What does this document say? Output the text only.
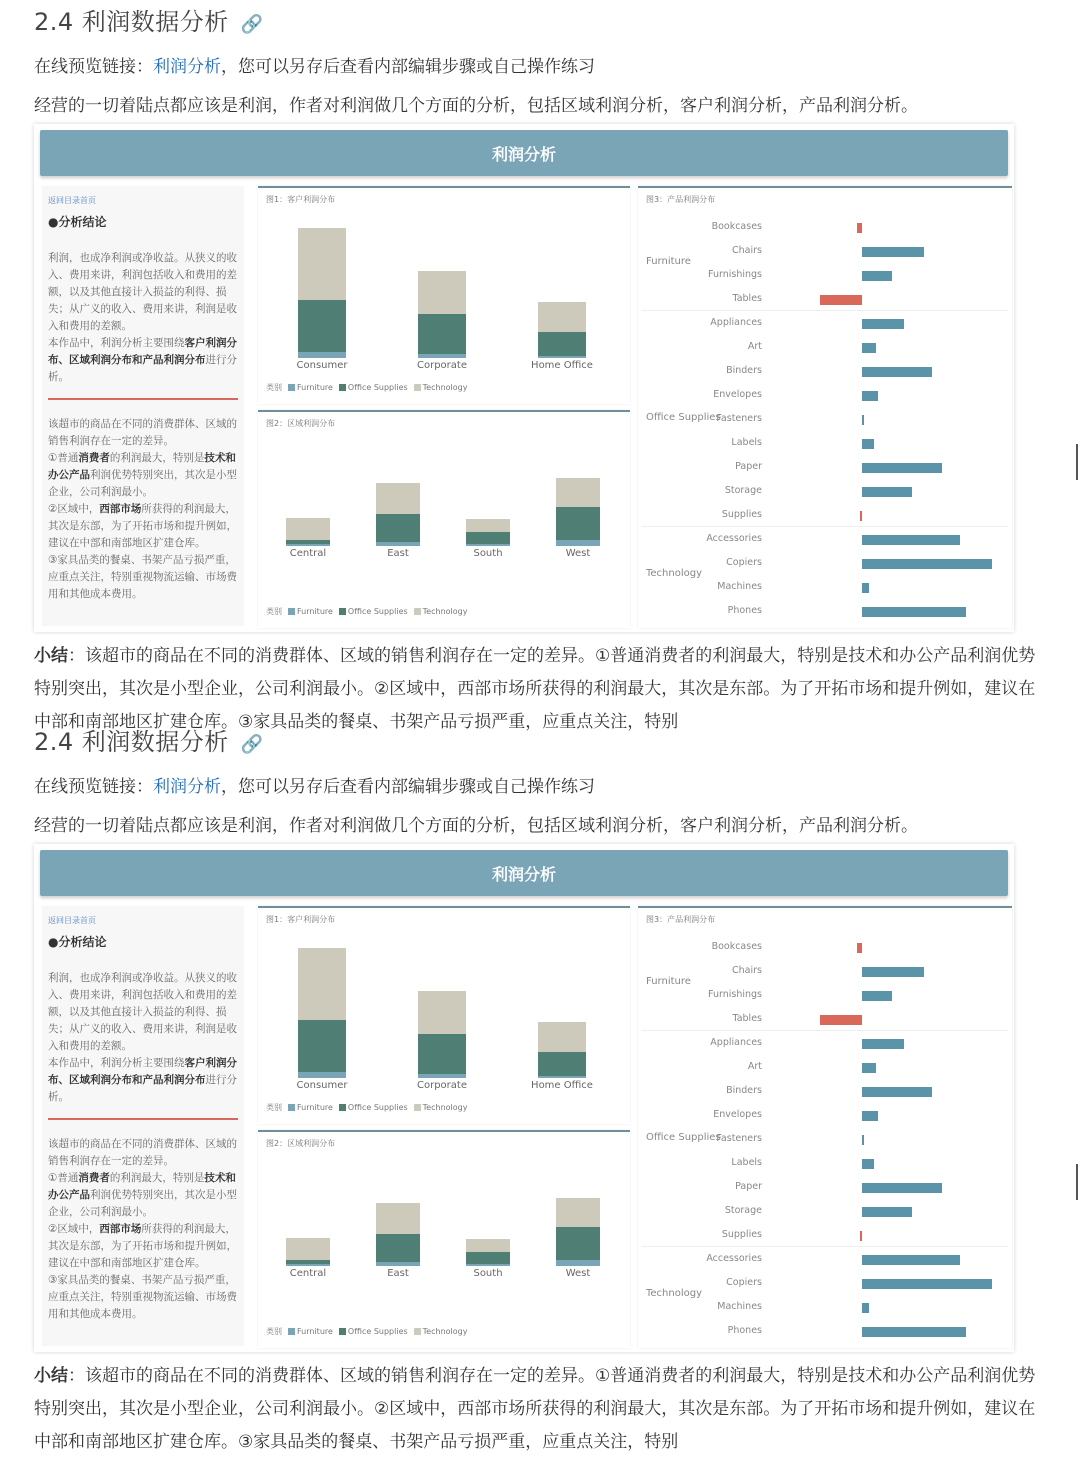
2.4 利润数据分析 🔗
在线预览链接：利润分析，您可以另存后查看内部编辑步骤或自己操作练习
经营的一切着陆点都应该是利润，作者对利润做几个方面的分析，包括区域利润分析，客户利润分析，产品利润分析。
利润分析
返回目录首页
●分析结论
利润，也成净利润或净收益。从狭义的收入、费用来讲，利润包括收入和费用的差额，以及其他直接计入损益的利得、损失；从广义的收入、费用来讲，利润是收入和费用的差额。
本作品中，利润分析主要围绕客户利润分布、区域利润分布和产品利润分布进行分析。
该超市的商品在不同的消费群体、区域的销售利润存在一定的差异。
①普通消费者的利润最大，特别是技术和办公产品利润优势特别突出，其次是小型企业，公司利润最小。
②区域中，西部市场所获得的利润最大，其次是东部，为了开拓市场和提升例如，建议在中部和南部地区扩建仓库。
③家具品类的餐桌、书架产品亏损严重，应重点关注，特别重视物流运输、市场费用和其他成本费用。
图1：客户利润分布
类别 Furniture Office Supplies Technology
Consumer	Corporate	Home Office
图2：区域利润分布
类别 Furniture Office Supplies Technology
Central	East	South	West
图3：产品利润分布
Furniture
Bookcases
Chairs
Furnishings
Tables
Office Supplies
Appliances
Art
Binders
Envelopes
Fasteners
Labels
Paper
Storage
Supplies
Technology
Accessories
Copiers
Machines
Phones
小结：该超市的商品在不同的消费群体、区域的销售利润存在一定的差异。①普通消费者的利润最大，特别是技术和办公产品利润优势特别突出，其次是小型企业，公司利润最小。②区域中，西部市场所获得的利润最大，其次是东部。为了开拓市场和提升例如，建议在中部和南部地区扩建仓库。③家具品类的餐桌、书架产品亏损严重，应重点关注，特别
2.4 利润数据分析 🔗
在线预览链接：利润分析，您可以另存后查看内部编辑步骤或自己操作练习
经营的一切着陆点都应该是利润，作者对利润做几个方面的分析，包括区域利润分析，客户利润分析，产品利润分析。
利润分析
返回目录首页
●分析结论
利润，也成净利润或净收益。从狭义的收入、费用来讲，利润包括收入和费用的差额，以及其他直接计入损益的利得、损失；从广义的收入、费用来讲，利润是收入和费用的差额。
本作品中，利润分析主要围绕客户利润分布、区域利润分布和产品利润分布进行分析。
该超市的商品在不同的消费群体、区域的销售利润存在一定的差异。
①普通消费者的利润最大，特别是技术和办公产品利润优势特别突出，其次是小型企业，公司利润最小。
②区域中，西部市场所获得的利润最大，其次是东部，为了开拓市场和提升例如，建议在中部和南部地区扩建仓库。
③家具品类的餐桌、书架产品亏损严重，应重点关注，特别重视物流运输、市场费用和其他成本费用。
图1：客户利润分布
类别 Furniture Office Supplies Technology
Consumer	Corporate	Home Office
图2：区域利润分布
类别 Furniture Office Supplies Technology
Central	East	South	West
图3：产品利润分布
Furniture
Bookcases
Chairs
Furnishings
Tables
Office Supplies
Appliances
Art
Binders
Envelopes
Fasteners
Labels
Paper
Storage
Supplies
Technology
Accessories
Copiers
Machines
Phones
小结：该超市的商品在不同的消费群体、区域的销售利润存在一定的差异。①普通消费者的利润最大，特别是技术和办公产品利润优势特别突出，其次是小型企业，公司利润最小。②区域中，西部市场所获得的利润最大，其次是东部。为了开拓市场和提升例如，建议在中部和南部地区扩建仓库。③家具品类的餐桌、书架产品亏损严重，应重点关注，特别
